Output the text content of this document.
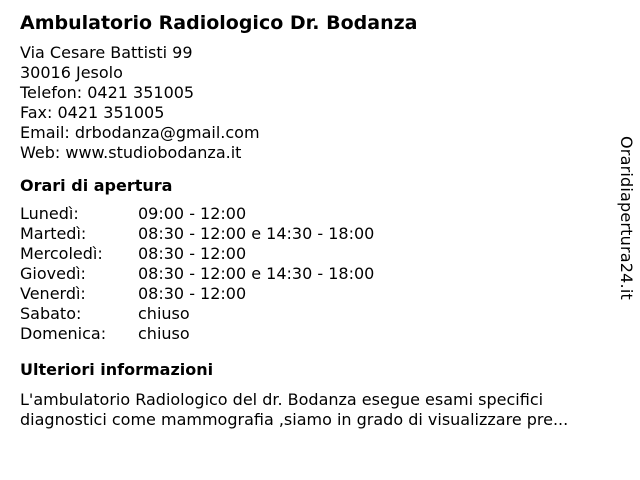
Ambulatorio Radiologico Dr. Bodanza
Via Cesare Battisti 99
30016 Jesolo
Telefon: 0421 351005
Fax: 0421 351005
Email: drbodanza@gmail.com
Web: www.studiobodanza.it
Orari di apertura
Lunedì:	09:00 - 12:00
Martedì:	08:30 - 12:00 e 14:30 - 18:00
Mercoledì:	08:30 - 12:00
Giovedì:	08:30 - 12:00 e 14:30 - 18:00
Venerdì:	08:30 - 12:00
Sabato:	chiuso
Domenica:	chiuso
Ulteriori informazioni
L'ambulatorio Radiologico del dr. Bodanza esegue esami specifici diagnostici come mammografia ,siamo in grado di visualizzare pre...
Oraridiapertura24.it
